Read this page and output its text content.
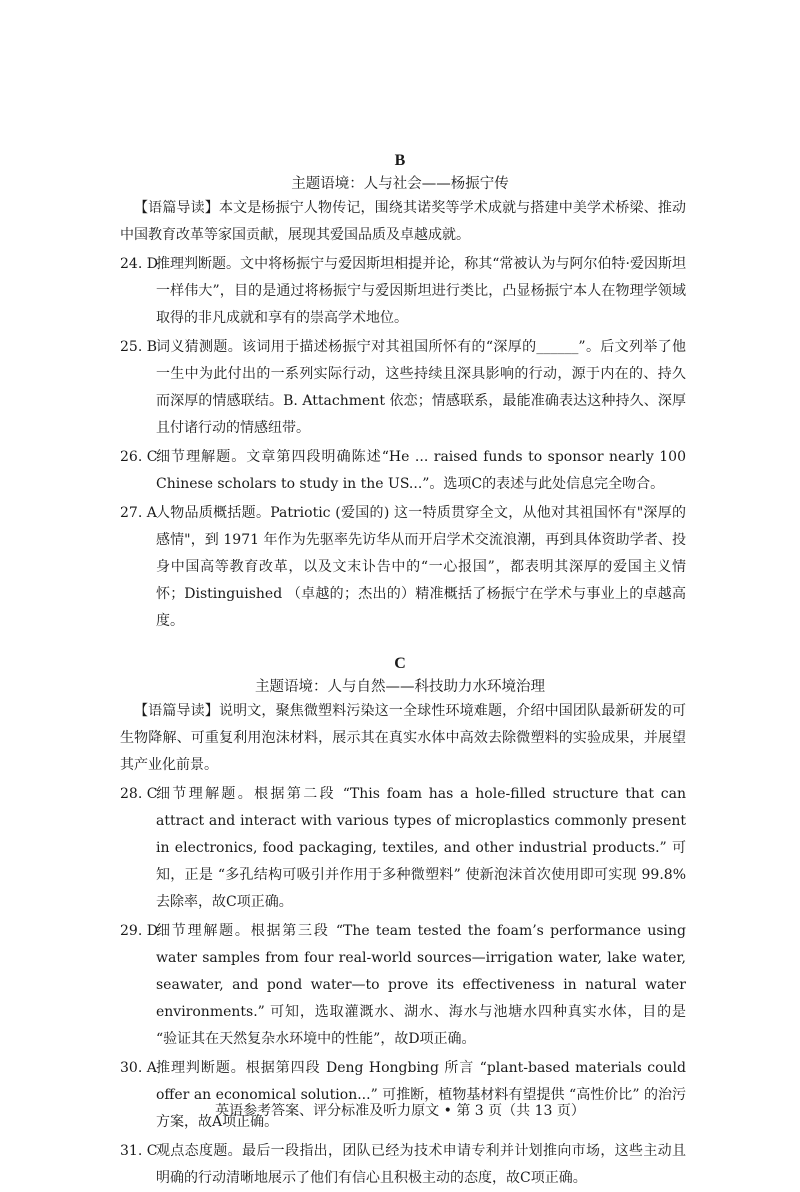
B
主题语境：人与社会——杨振宁传

【语篇导读】本文是杨振宁人物传记，围绕其诺奖等学术成就与搭建中美学术桥梁、推动中国教育改革等家国贡献，展现其爱国品质及卓越成就。

24. D
推理判断题。文中将杨振宁与爱因斯坦相提并论，称其“常被认为与阿尔伯特·爱因斯坦一样伟大”，目的是通过将杨振宁与爱因斯坦进行类比，凸显杨振宁本人在物理学领域取得的非凡成就和享有的崇高学术地位。
25. B
词义猜测题。该词用于描述杨振宁对其祖国所怀有的“深厚的______”。后文列举了他一生中为此付出的一系列实际行动，这些持续且深具影响的行动，源于内在的、持久而深厚的情感联结。B. Attachment 依恋；情感联系，最能准确表达这种持久、深厚且付诸行动的情感纽带。
26. C
细节理解题。文章第四段明确陈述“He ... raised funds to sponsor nearly 100 Chinese scholars to study in the US...”。选项C的表述与此处信息完全吻合。
27. A 人物品质概括题。Patriotic (爱国的) 这一特质贯穿全文，从他对其祖国怀有"深厚的感情"，到 1971 年作为先驱率先访华从而开启学术交流浪潮，再到具体资助学者、投身中国高等教育改革，以及文末讣告中的“一心报国”，都表明其深厚的爱国主义情怀；Distinguished （卓越的；杰出的）精准概括了杨振宁在学术与事业上的卓越高度。
C
主题语境：人与自然——科技助力水环境治理

【语篇导读】说明文，聚焦微塑料污染这一全球性环境难题，介绍中国团队最新研发的可生物降解、可重复利用泡沫材料，展示其在真实水体中高效去除微塑料的实验成果，并展望其产业化前景。

28. C
细节理解题。根据第二段 “This foam has a hole-filled structure that can attract and interact with various types of microplastics commonly present in electronics, food packaging, textiles, and other industrial products.” 可知，正是 “多孔结构可吸引并作用于多种微塑料” 使新泡沫首次使用即可实现 99.8%去除率，故C项正确。
29. D
细节理解题。根据第三段 “The team tested the foam’s performance using water samples from four real-world sources—irrigation water, lake water, seawater, and pond water—to prove its effectiveness in natural water environments.” 可知，选取灌溉水、湖水、海水与池塘水四种真实水体，目的是 “验证其在天然复杂水环境中的性能”，故D项正确。
30. A 推理判断题。根据第四段 Deng Hongbing 所言 “plant-based materials could offer an economical solution...” 可推断，植物基材料有望提供 “高性价比” 的治污方案，故A项正确。
英语参考答案、评分标准及听力原文 • 第 3 页（共 13 页）
31. C
观点态度题。最后一段指出，团队已经为技术申请专利并计划推向市场，这些主动且明确的行动清晰地展示了他们有信心且积极主动的态度，故C项正确。
